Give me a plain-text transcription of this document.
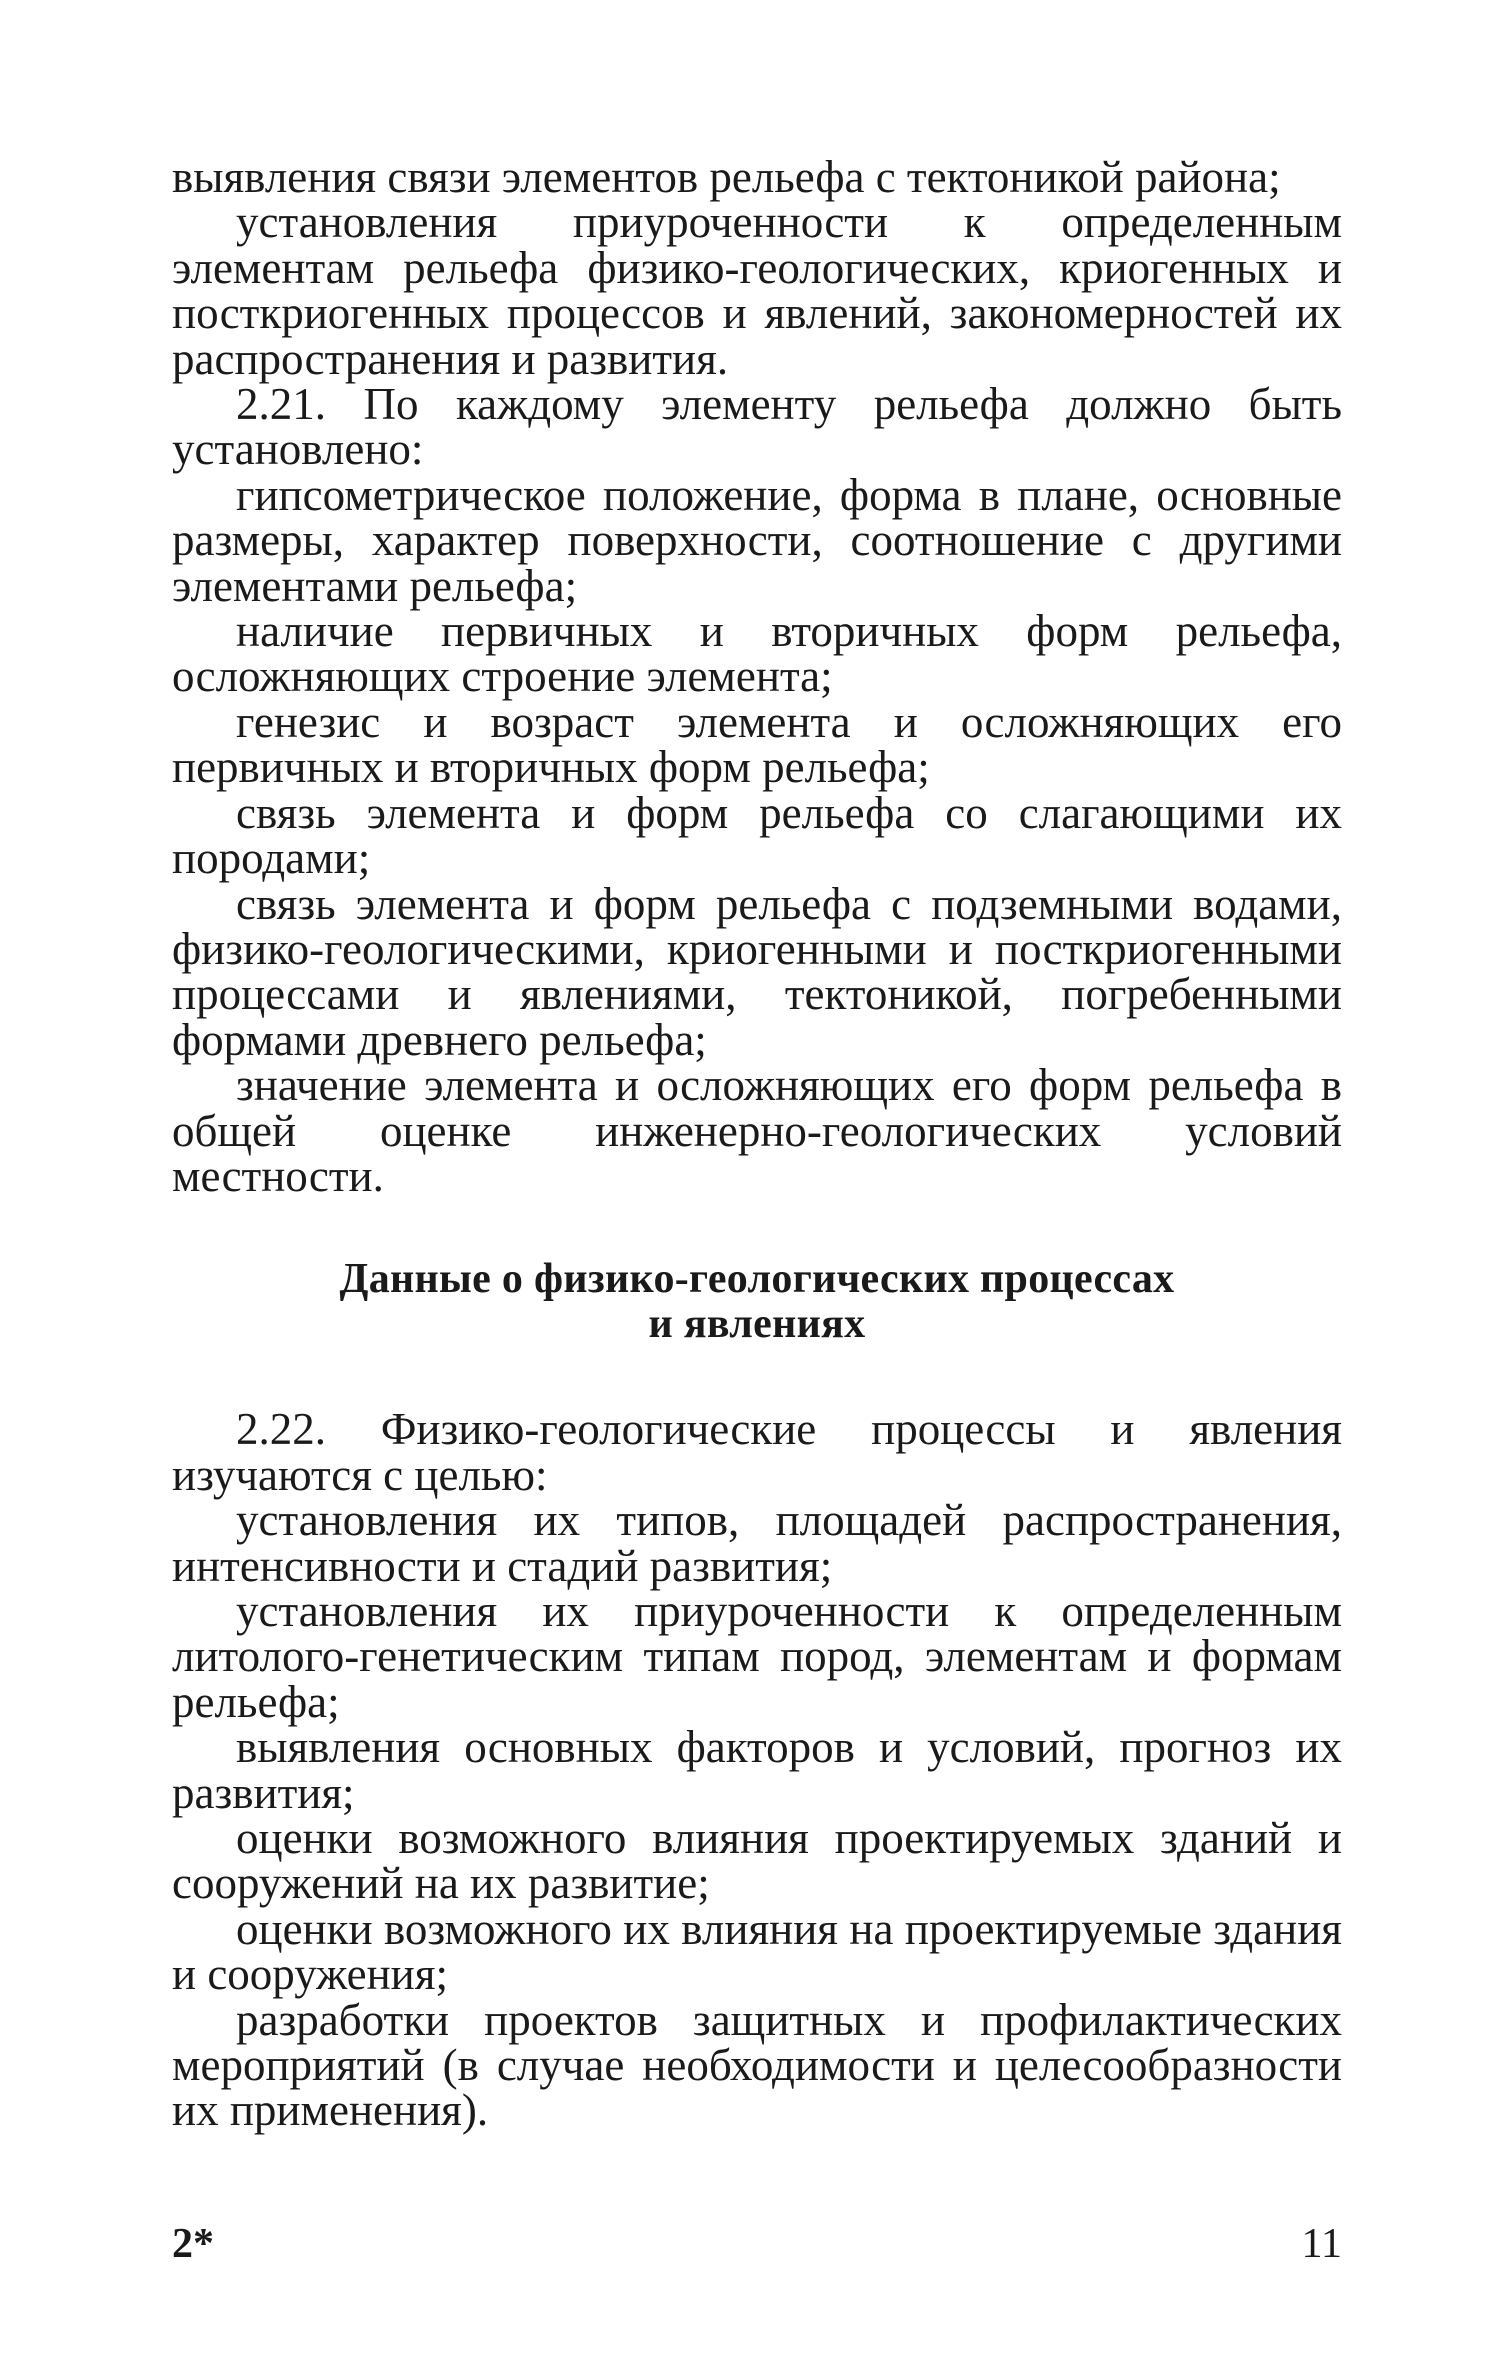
выявления связи элементов рельефа с тектоникой района;

установления приуроченности к определенным элементам рельефа физико-геологических, криогенных и посткриогенных процессов и явлений, закономерностей их распространения и развития.

2.21. По каждому элементу рельефа должно быть установлено:

гипсометрическое положение, форма в плане, основные размеры, характер поверхности, соотношение с другими элементами рельефа;

наличие первичных и вторичных форм рельефа, осложняющих строение элемента;

генезис и возраст элемента и осложняющих его первичных и вторичных форм рельефа;

связь элемента и форм рельефа со слагающими их породами;

связь элемента и форм рельефа с подземными водами, физико-геологическими, криогенными и посткриогенными процессами и явлениями, тектоникой, погребенными формами древнего рельефа;

значение элемента и осложняющих его форм рельефа в общей оценке инженерно-геологических условий местности.

Данные о физико-геологических процессах
и явлениях

2.22. Физико-геологические процессы и явления изучаются с целью:

установления их типов, площадей распространения, интенсивности и стадий развития;

установления их приуроченности к определенным литолого-генетическим типам пород, элементам и формам рельефа;

выявления основных факторов и условий, прогноз их развития;

оценки возможного влияния проектируемых зданий и сооружений на их развитие;

оценки возможного их влияния на проектируемые здания и сооружения;

разработки проектов защитных и профилактических мероприятий (в случае необходимости и целесообразности их применения).

2*	11
